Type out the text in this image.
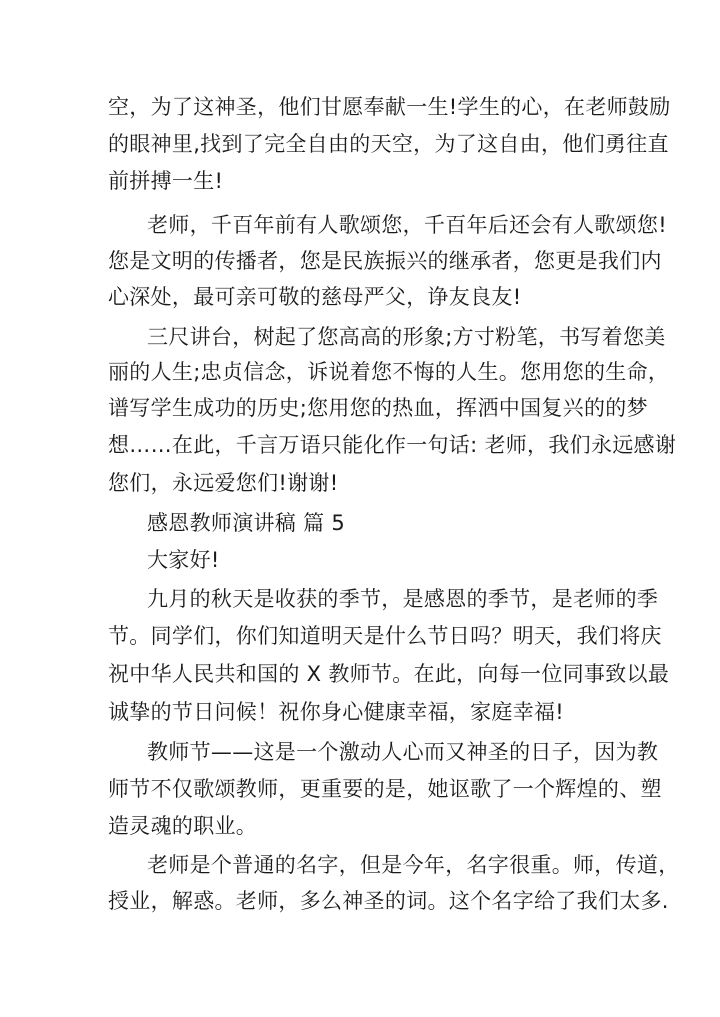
空，为了这神圣，他们甘愿奉献一生!学生的心，在老师鼓励
的眼神里,找到了完全自由的天空，为了这自由，他们勇往直
前拼搏一生!
老师，千百年前有人歌颂您，千百年后还会有人歌颂您!
您是文明的传播者，您是民族振兴的继承者，您更是我们内
心深处，最可亲可敬的慈母严父，诤友良友!
三尺讲台，树起了您高高的形象;方寸粉笔，书写着您美
丽的人生;忠贞信念，诉说着您不悔的人生。您用您的生命，
谱写学生成功的历史;您用您的热血，挥洒中国复兴的的梦
想……在此，千言万语只能化作一句话: 老师，我们永远感谢
您们，永远爱您们!谢谢!
感恩教师演讲稿 篇 5
大家好!
九月的秋天是收获的季节，是感恩的季节，是老师的季
节。同学们，你们知道明天是什么节日吗？明天，我们将庆
祝中华人民共和国的 X 教师节。在此，向每一位同事致以最
诚挚的节日问候！祝你身心健康幸福，家庭幸福!
教师节——这是一个激动人心而又神圣的日子，因为教
师节不仅歌颂教师，更重要的是，她讴歌了一个辉煌的、塑
造灵魂的职业。
老师是个普通的名字，但是今年，名字很重。师，传道，
授业，解惑。老师，多么神圣的词。这个名字给了我们太多.
